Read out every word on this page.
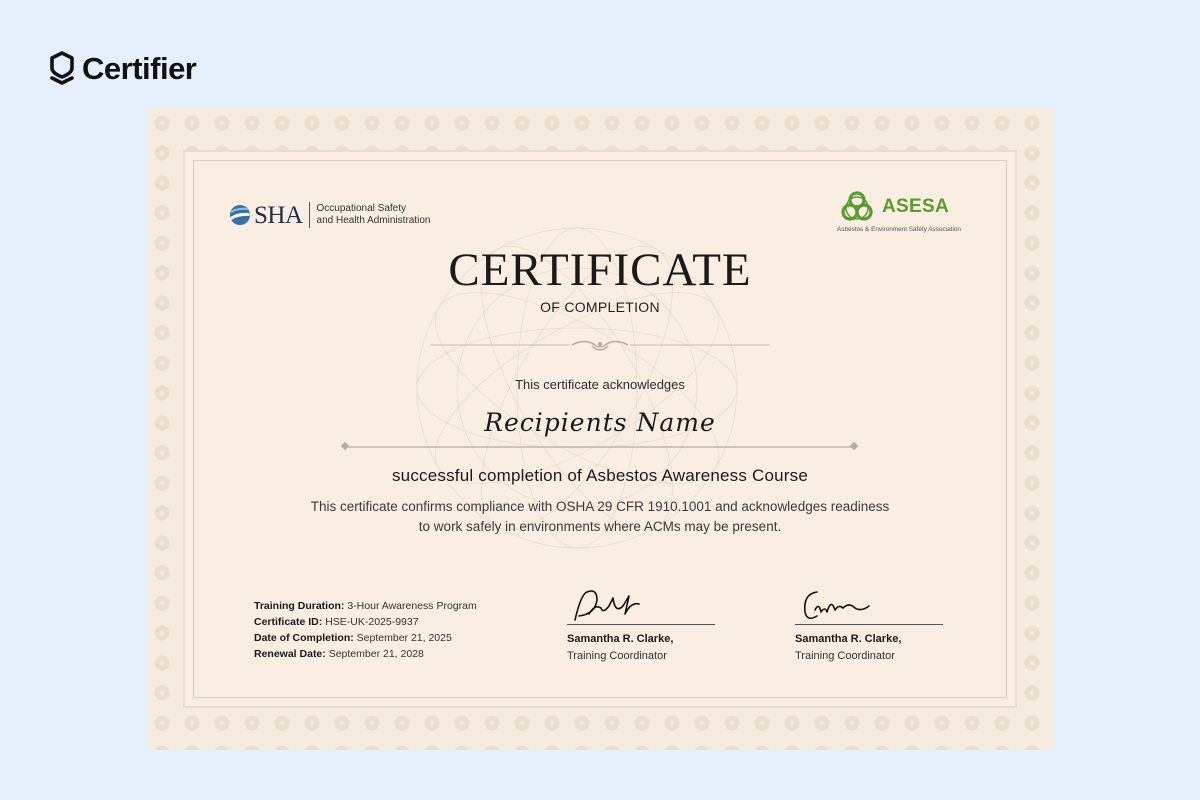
Certifier
SHA Occupational Safety
and Health Administration
ASESA
Asbestos & Environment Safety Association
CERTIFICATE
OF COMPLETION
This certificate acknowledges
Recipients Name
successful completion of Asbestos Awareness Course
This certificate confirms compliance with OSHA 29 CFR 1910.1001 and acknowledges readiness
to work safely in environments where ACMs may be present.
Training Duration: 3-Hour Awareness Program
Certificate ID: HSE-UK-2025-9937
Date of Completion: September 21, 2025
Renewal Date: September 21, 2028
Samantha R. Clarke,
Training Coordinator
Samantha R. Clarke,
Training Coordinator
